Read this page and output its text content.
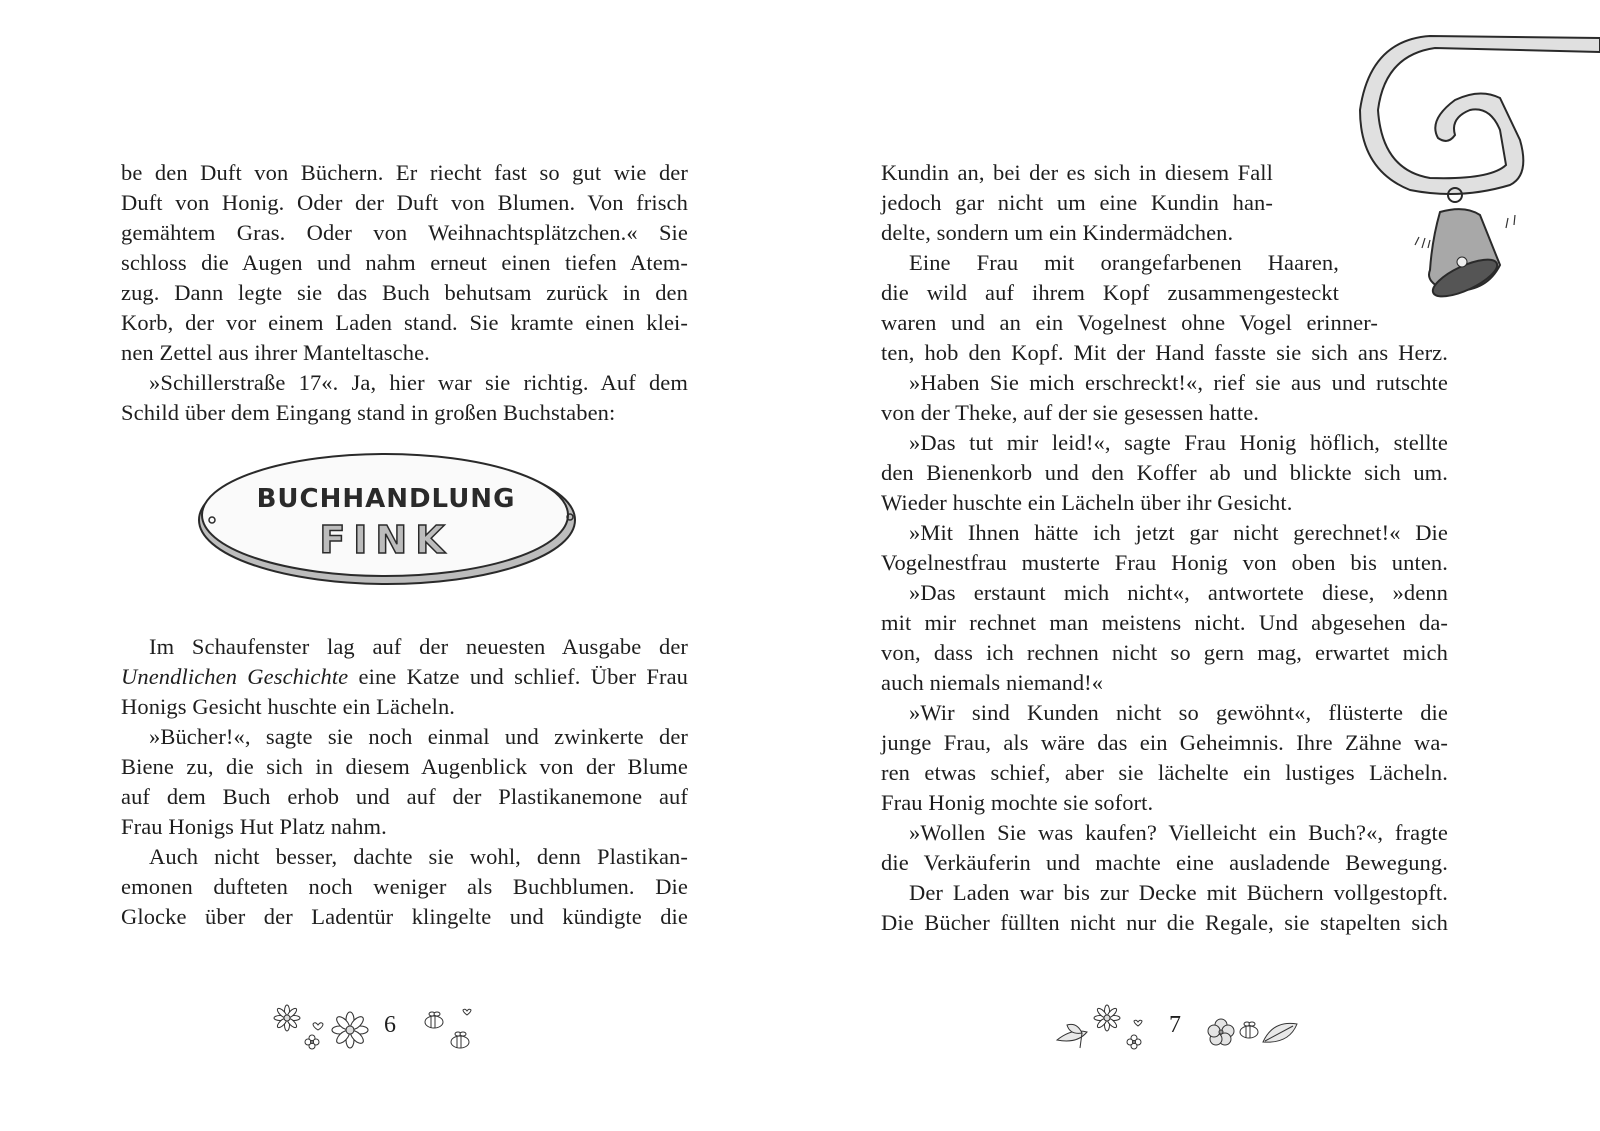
be den Duft von Büchern. Er riecht fast so gut wie der
Duft von Honig. Oder der Duft von Blumen. Von frisch
gemähtem Gras. Oder von Weihnachtsplätzchen.« Sie
schloss die Augen und nahm erneut einen tiefen Atem-
zug. Dann legte sie das Buch behutsam zurück in den
Korb, der vor einem Laden stand. Sie kramte einen klei-
nen Zettel aus ihrer Manteltasche.
»Schillerstraße 17«. Ja, hier war sie richtig. Auf dem
Schild über dem Eingang stand in großen Buchstaben:
BUCHHANDLUNG
FINK
Im Schaufenster lag auf der neuesten Ausgabe der
Unendlichen Geschichte eine Katze und schlief. Über Frau
Honigs Gesicht huschte ein Lächeln.
»Bücher!«, sagte sie noch einmal und zwinkerte der
Biene zu, die sich in diesem Augenblick von der Blume
auf dem Buch erhob und auf der Plastikanemone auf
Frau Honigs Hut Platz nahm.
Auch nicht besser, dachte sie wohl, denn Plastikan-
emonen dufteten noch weniger als Buchblumen. Die
Glocke über der Ladentür klingelte und kündigte die
6
Kundin an, bei der es sich in diesem Fall
jedoch gar nicht um eine Kundin han-
delte, sondern um ein Kindermädchen.
Eine Frau mit orangefarbenen Haaren,
die wild auf ihrem Kopf zusammengesteckt
waren und an ein Vogelnest ohne Vogel erinner-
ten, hob den Kopf. Mit der Hand fasste sie sich ans Herz.
»Haben Sie mich erschreckt!«, rief sie aus und rutschte
von der Theke, auf der sie gesessen hatte.
»Das tut mir leid!«, sagte Frau Honig höflich, stellte
den Bienenkorb und den Koffer ab und blickte sich um.
Wieder huschte ein Lächeln über ihr Gesicht.
»Mit Ihnen hätte ich jetzt gar nicht gerechnet!« Die
Vogelnestfrau musterte Frau Honig von oben bis unten.
»Das erstaunt mich nicht«, antwortete diese, »denn
mit mir rechnet man meistens nicht. Und abgesehen da-
von, dass ich rechnen nicht so gern mag, erwartet mich
auch niemals niemand!«
»Wir sind Kunden nicht so gewöhnt«, flüsterte die
junge Frau, als wäre das ein Geheimnis. Ihre Zähne wa-
ren etwas schief, aber sie lächelte ein lustiges Lächeln.
Frau Honig mochte sie sofort.
»Wollen Sie was kaufen? Vielleicht ein Buch?«, fragte
die Verkäuferin und machte eine ausladende Bewegung.
Der Laden war bis zur Decke mit Büchern vollgestopft.
Die Bücher füllten nicht nur die Regale, sie stapelten sich
7
